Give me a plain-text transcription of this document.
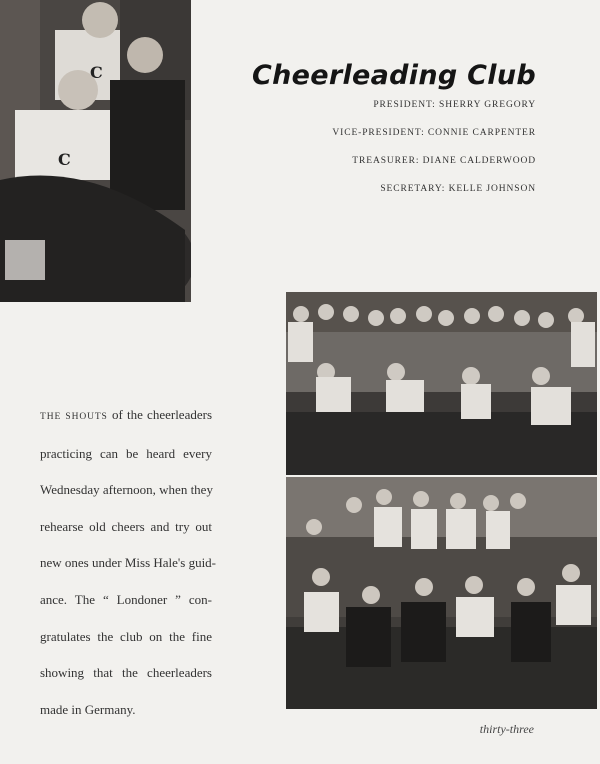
C
C
Cheerleading Club
PRESIDENT: SHERRY GREGORY
VICE-PRESIDENT: CONNIE CARPENTER
TREASURER: DIANE CALDERWOOD
SECRETARY: KELLE JOHNSON
THE SHOUTS of the cheerleaders
practicing can be heard every
Wednesday afternoon, when they
rehearse old cheers and try out
new ones under Miss Hale's guid-
ance. The “ Londoner ” con-
gratulates the club on the fine
showing that the cheerleaders
made in Germany.
thirty-three
